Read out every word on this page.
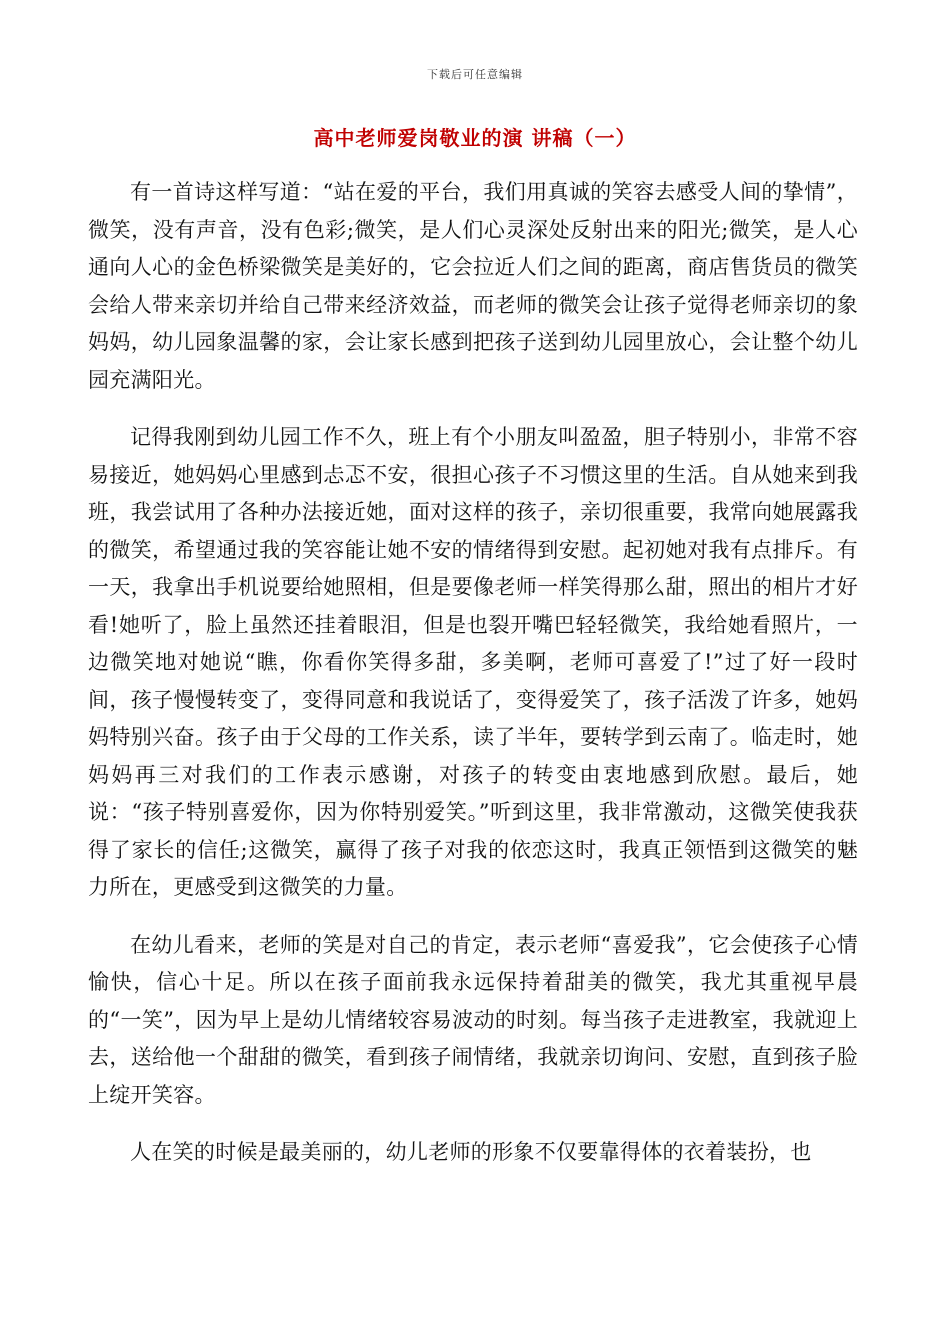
下载后可任意编辑
高中老师爱岗敬业的演 讲稿（一）

有一首诗这样写道：“站在爱的平台，我们用真诚的笑容去感受人间的挚情”，微笑，没有声音，没有色彩;微笑，是人们心灵深处反射出来的阳光;微笑，是人心通向人心的金色桥梁微笑是美好的，它会拉近人们之间的距离，商店售货员的微笑会给人带来亲切并给自己带来经济效益，而老师的微笑会让孩子觉得老师亲切的象妈妈，幼儿园象温馨的家，会让家长感到把孩子送到幼儿园里放心，会让整个幼儿园充满阳光。

记得我刚到幼儿园工作不久，班上有个小朋友叫盈盈，胆子特别小，非常不容易接近，她妈妈心里感到忐忑不安，很担心孩子不习惯这里的生活。自从她来到我班，我尝试用了各种办法接近她，面对这样的孩子，亲切很重要，我常向她展露我的微笑，希望通过我的笑容能让她不安的情绪得到安慰。起初她对我有点排斥。有一天，我拿出手机说要给她照相，但是要像老师一样笑得那么甜，照出的相片才好看!她听了，脸上虽然还挂着眼泪，但是也裂开嘴巴轻轻微笑，我给她看照片，一边微笑地对她说“瞧，你看你笑得多甜，多美啊，老师可喜爱了!”过了好一段时间，孩子慢慢转变了，变得同意和我说话了，变得爱笑了，孩子活泼了许多，她妈妈特别兴奋。孩子由于父母的工作关系，读了半年，要转学到云南了。临走时，她妈妈再三对我们的工作表示感谢，对孩子的转变由衷地感到欣慰。最后，她说：“孩子特别喜爱你，因为你特别爱笑。”听到这里，我非常激动，这微笑使我获得了家长的信任;这微笑，赢得了孩子对我的依恋这时，我真正领悟到这微笑的魅力所在，更感受到这微笑的力量。

在幼儿看来，老师的笑是对自己的肯定，表示老师“喜爱我”，它会使孩子心情愉快，信心十足。所以在孩子面前我永远保持着甜美的微笑，我尤其重视早晨的“一笑”，因为早上是幼儿情绪较容易波动的时刻。每当孩子走进教室，我就迎上去，送给他一个甜甜的微笑，看到孩子闹情绪，我就亲切询问、安慰，直到孩子脸上绽开笑容。

人在笑的时候是最美丽的，幼儿老师的形象不仅要靠得体的衣着装扮，也
